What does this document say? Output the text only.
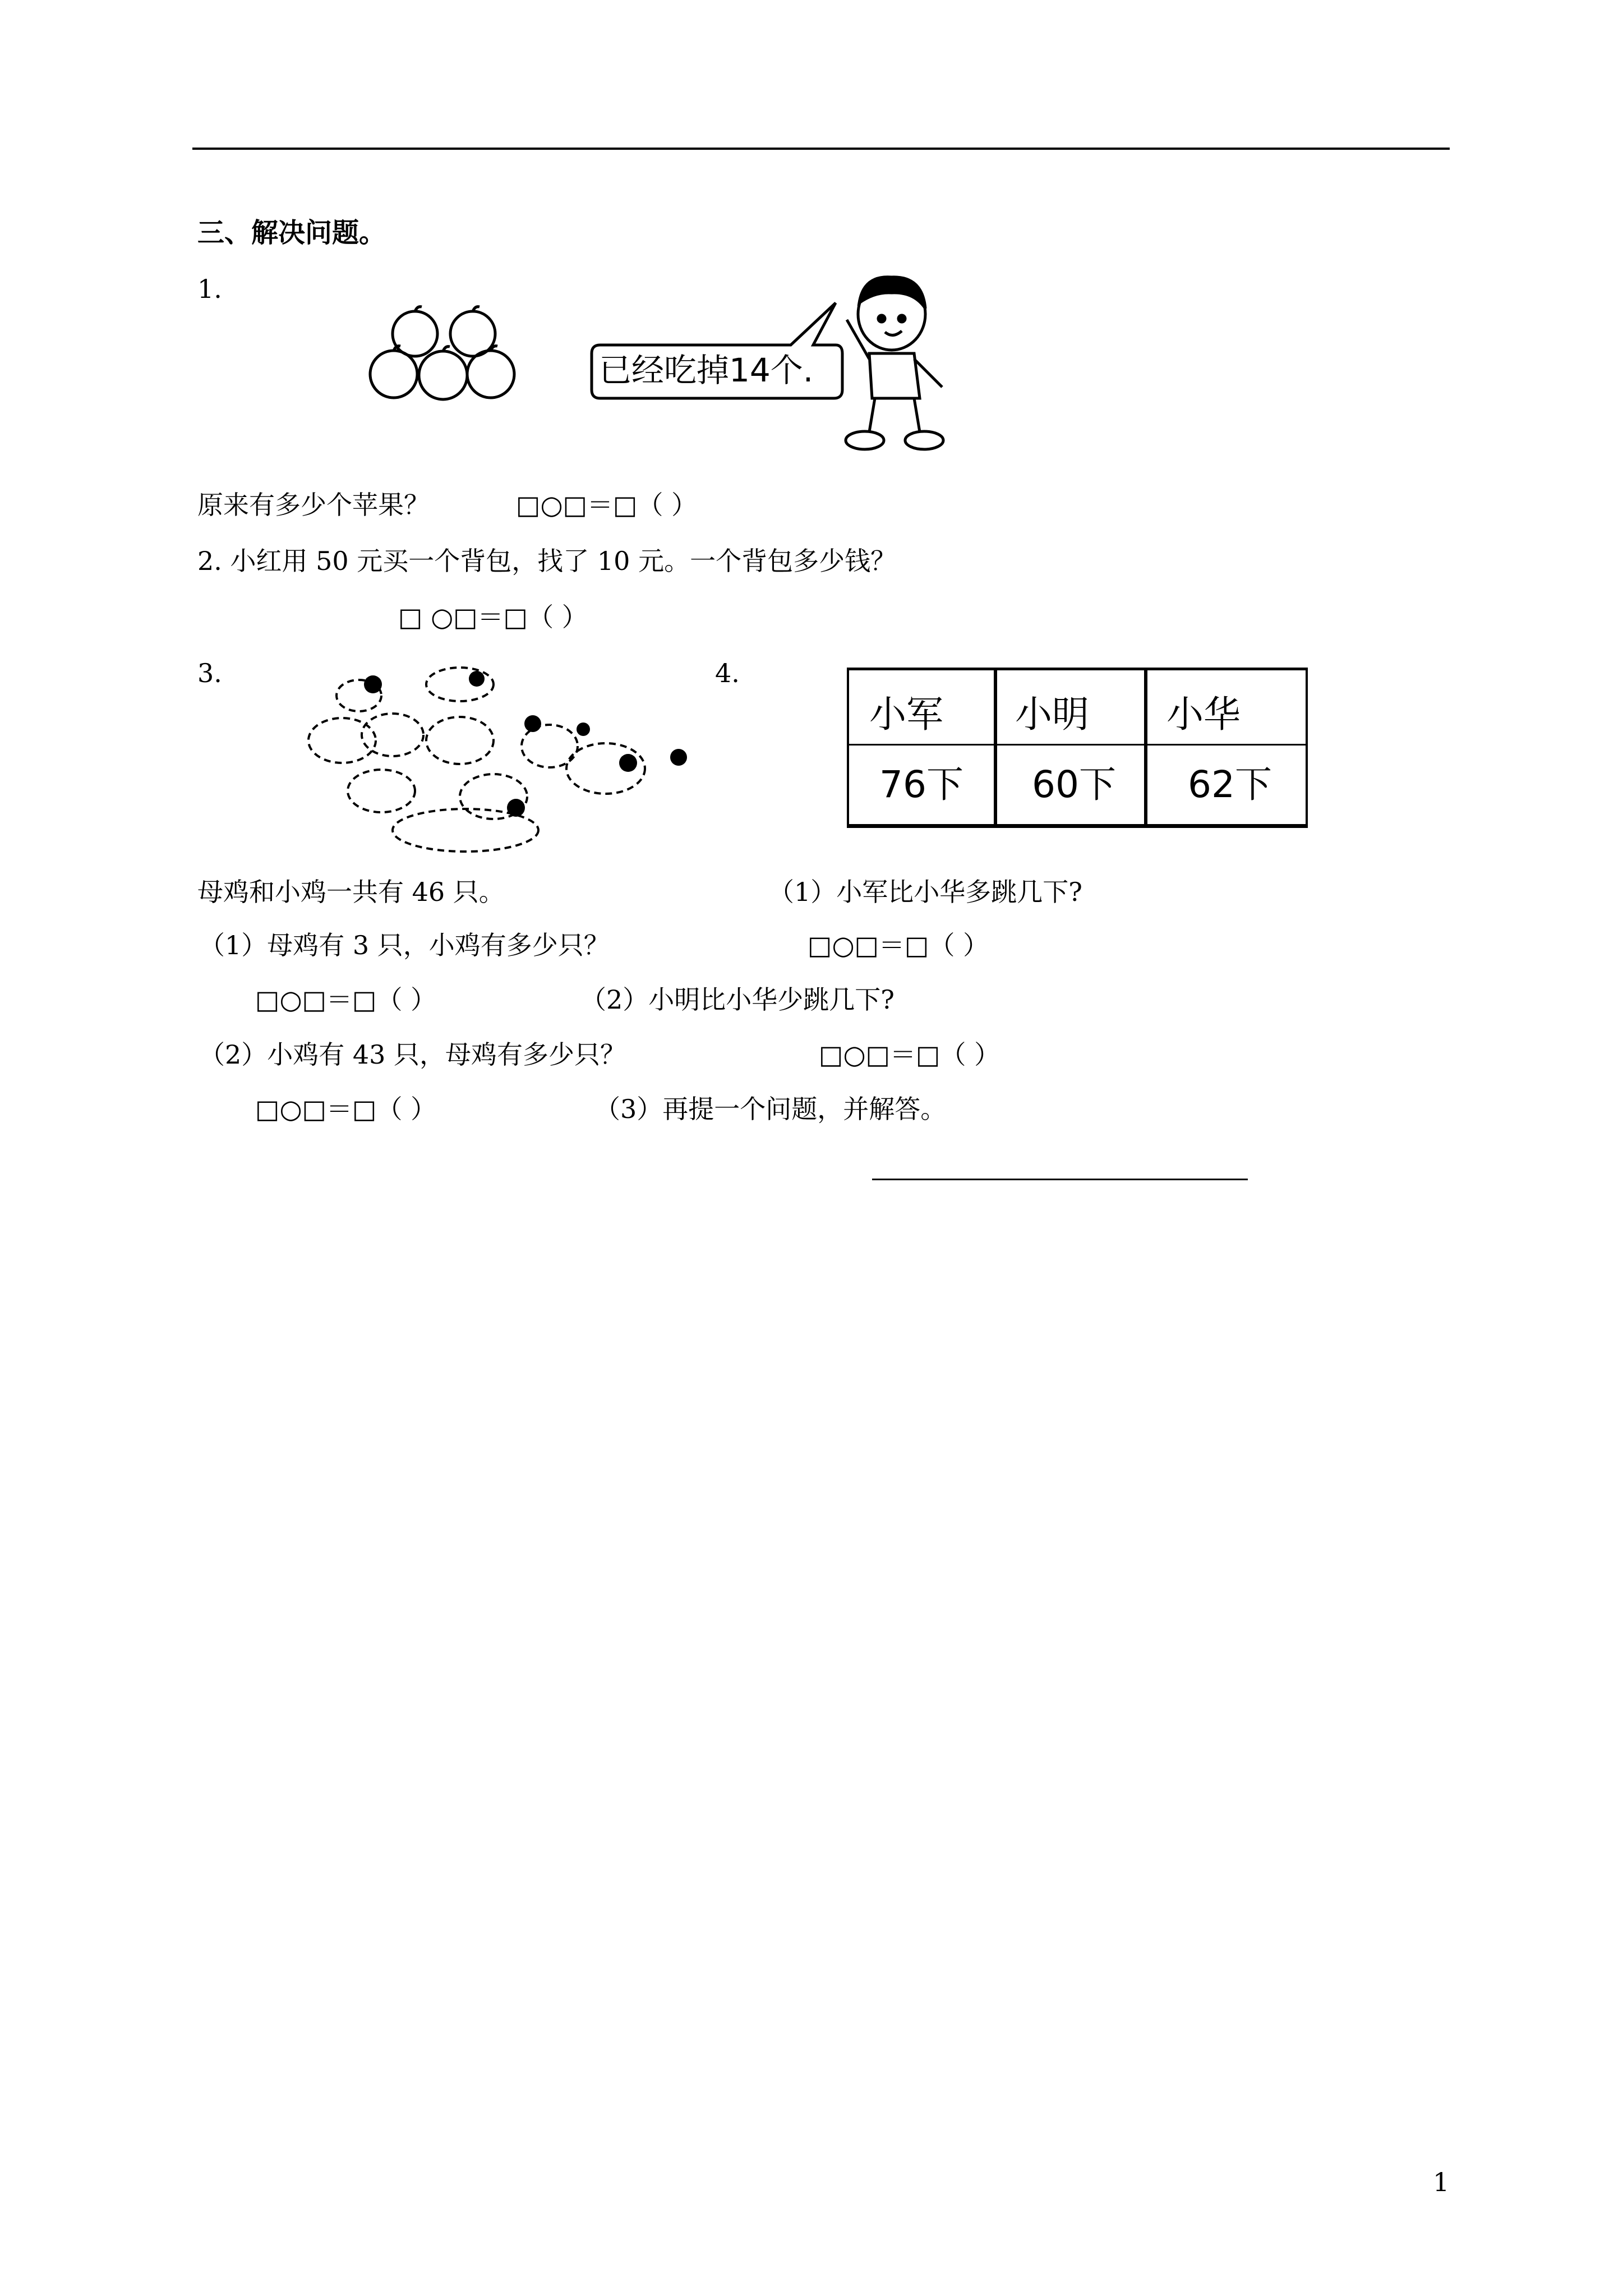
三、解决问题。
1.
已经吃掉14个.
原来有多少个苹果？	□○□＝□（ ）
2. 小红用 50 元买一个背包，找了 10 元。一个背包多少钱？
□ ○□＝□（ ）
3.
母鸡和小鸡一共有 46 只。
（1）母鸡有 3 只，小鸡有多少只？
□○□＝□（ ）
（2）小鸡有 43 只，母鸡有多少只？
□○□＝□（ ）
4.
小军 小明 小华
76下 60下 62下
（1）小军比小华多跳几下?
□○□＝□（ ）
（2）小明比小华少跳几下?
□○□＝□（ ）
（3）再提一个问题，并解答。
1
